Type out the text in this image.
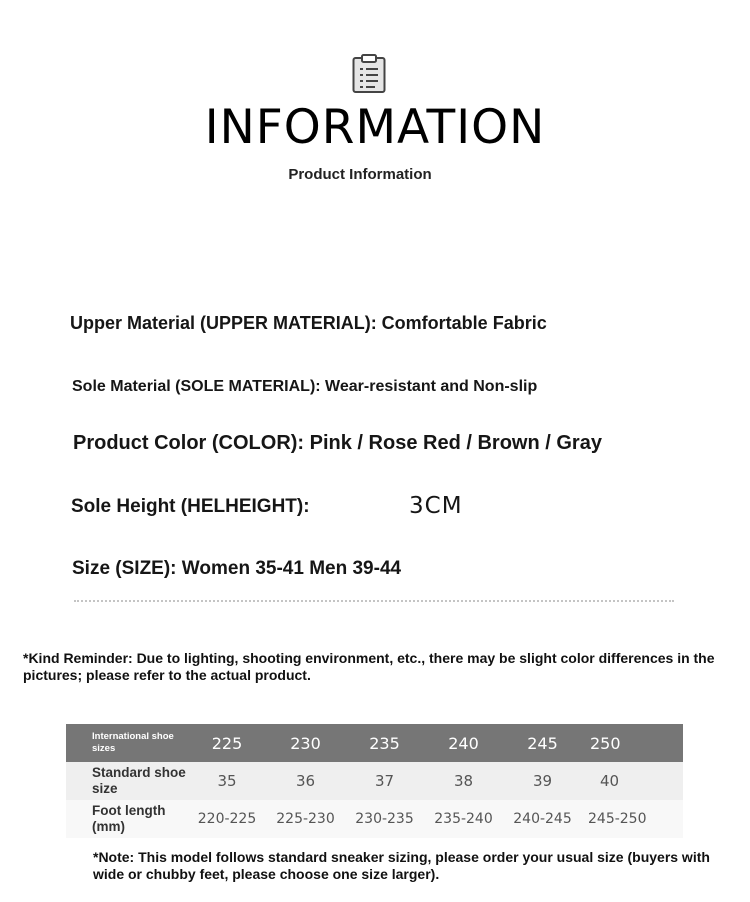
INFORMATION
Product Information
Upper Material (UPPER MATERIAL): Comfortable Fabric
Sole Material (SOLE MATERIAL): Wear-resistant and Non-slip
Product Color (COLOR): Pink / Rose Red / Brown / Gray
Sole Height (HELHEIGHT):	3CM
Size (SIZE): Women 35-41 Men 39-44
*Kind Reminder: Due to lighting, shooting environment, etc., there may be slight color differences in the pictures; please refer to the actual product.
International shoe sizes	225	230	235	240	245	250
Standard shoe size	35	36	37	38	39	40
Foot length (mm)	220-225	225-230	230-235	235-240	240-245	245-250
*Note: This model follows standard sneaker sizing, please order your usual size (buyers with wide or chubby feet, please choose one size larger).
